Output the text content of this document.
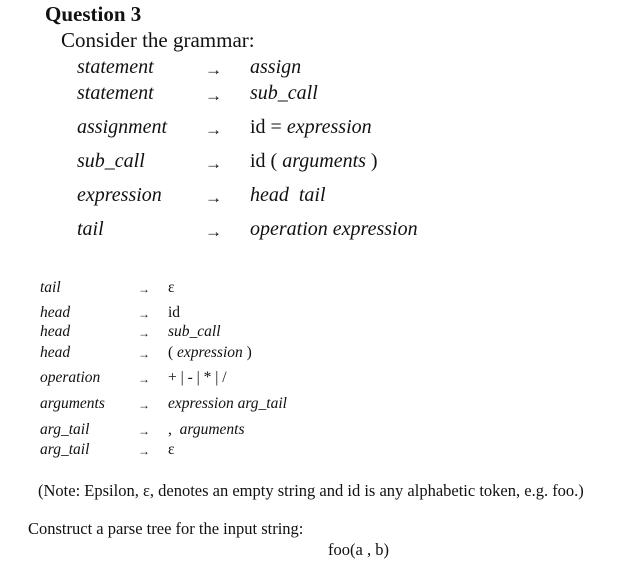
Question 3
Consider the grammar:
statement	→ assign
statement	→ sub_call
assignment → id = expression
sub_call	→ id ( arguments )
expression	→ head  tail
tail	→ operation expression
tail	→ ε
head	→ id
head	→ sub_call
head	→ ( expression )
operation	→ + | - | * | /
arguments	→ expression arg_tail
arg_tail	→ ,  arguments
arg_tail	→ ε
(Note: Epsilon, ε, denotes an empty string and id is any alphabetic token, e.g. foo.)
Construct a parse tree for the input string:
foo(a , b)
